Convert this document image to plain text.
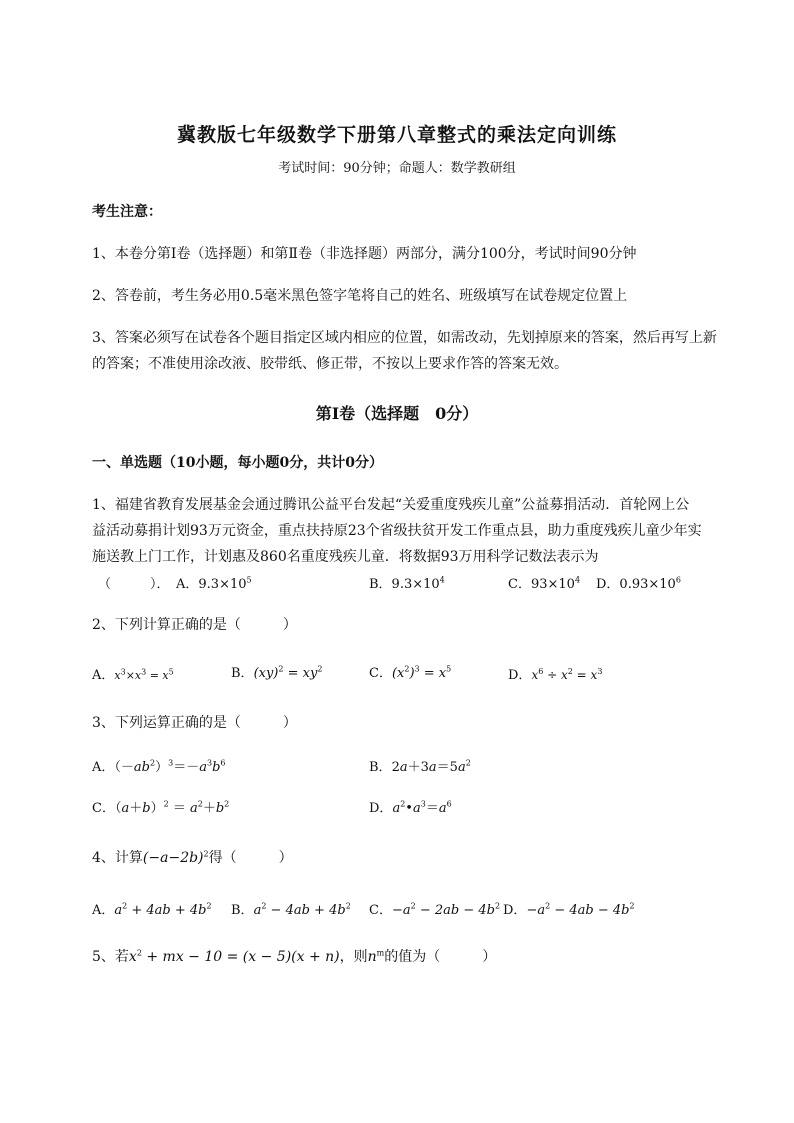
冀教版七年级数学下册第八章整式的乘法定向训练
考试时间：90分钟；命题人：数学教研组
考生注意：
1、本卷分第Ⅰ卷（选择题）和第Ⅱ卷（非选择题）两部分，满分100分，考试时间90分钟
2、答卷前，考生务必用0.5毫米黑色签字笔将自己的姓名、班级填写在试卷规定位置上
3、答案必须写在试卷各个题目指定区域内相应的位置，如需改动，先划掉原来的答案，然后再写上新
的答案；不准使用涂改液、胶带纸、修正带，不按以上要求作答的答案无效。
第Ⅰ卷（选择题　0分）
一、单选题（10小题，每小题0分，共计0分）
1、福建省教育发展基金会通过腾讯公益平台发起“关爱重度残疾儿童”公益募捐活动．首轮网上公
益活动募捐计划93万元资金，重点扶持原23个省级扶贫开发工作重点县，助力重度残疾儿童少年实
施送教上门工作，计划惠及860名重度残疾儿童．将数据93万用科学记数法表示为
（　　　）． A．$9.3\times 10^5$	B．$9.3\times 10^4$	C．$93\times 10^4$ D．$0.93\times 10^6$
2、下列计算正确的是（　　　）
A．$x^3\times x^3 = x^5$	B．$(xy)^2 = xy^2$	C．$(x^2)^3 = x^5$	D．$x^6 \div x^2 = x^3$
3、下列运算正确的是（　　　）
A．$(-ab^2)^3=-a^3b^6$	B．$2a+3a=5a^2$
C．$(a+b)^2 = a^2+b^2$	D．$a^2•a^3=a^6$
4、计算$(-a-2b)^2$得（　　　）
A．$a^2 + 4ab + 4b^2$ B．$a^2 - 4ab + 4b^2$ C．$-a^2 - 2ab - 4b^2$ D．$-a^2 - 4ab - 4b^2$
5、若$x^2$ + mx − 10 = (x − 5)(x + n)，则$n^m$的值为（　　　）
